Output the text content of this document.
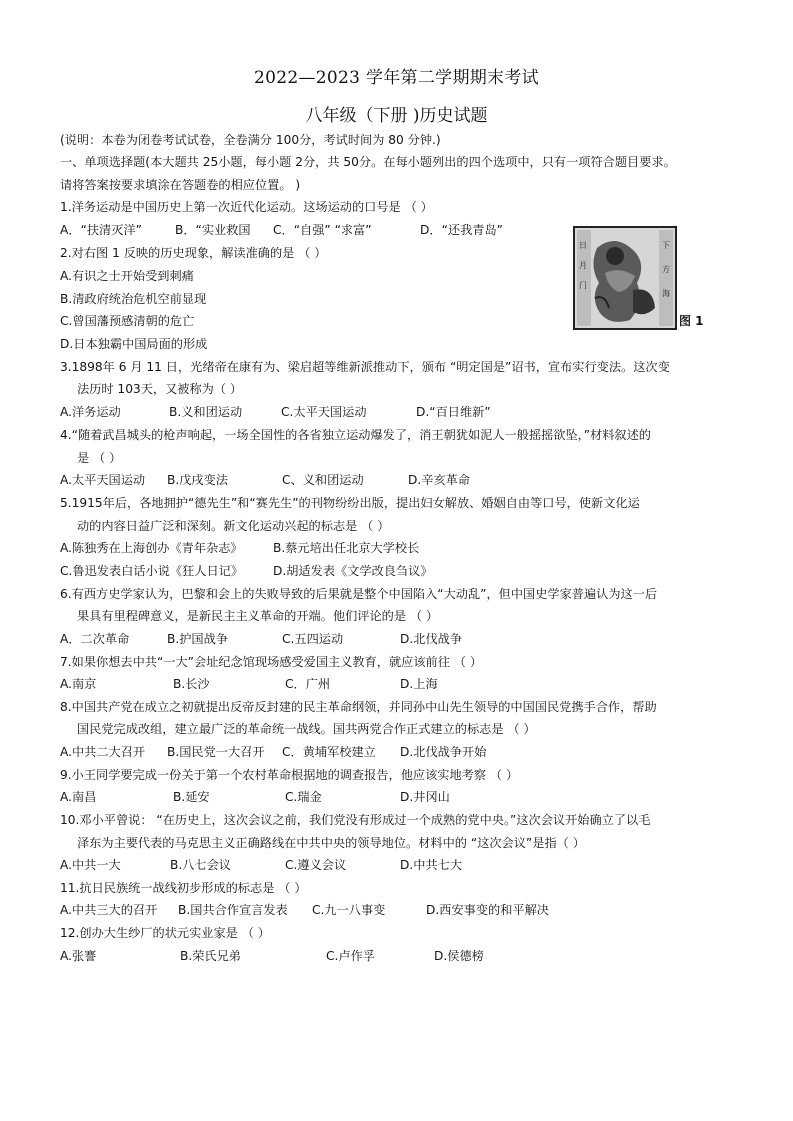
2022—2023 学年第二学期期末考试
八年级（下册 )历史试题
(说明：本卷为闭卷考试试卷，全卷满分 100分，考试时间为 80 分钟.)
一、单项选择题(本大题共 25小题，每小题 2分，共 50分。在每小题列出的四个选项中，只有一项符合题目要求。
请将答案按要求填涂在答题卷的相应位置。 )
1.洋务运动是中国历史上第一次近代化运动。这场运动的口号是 （ ）
A．“扶清灭洋”	B．“实业救国 C．“自强” “求富”	D．“还我青岛”
2.对右图 1 反映的历史现象，解读准确的是 （ ）
A.有识之士开始受到刺痛
B.清政府统治危机空前显现
C.曾国藩预感清朝的危亡
D.日本独霸中国局面的形成
日
月
门
下
方
海
图 1
3.1898年 6 月 11 日，光绪帝在康有为、梁启超等维新派推动下，颁布 “明定国是”诏书，宣布实行变法。这次变
法历时 103天，又被称为（ ）
A.洋务运动	B.义和团运动	C.太平天国运动	D.“百日维新”
4.“随着武昌城头的枪声响起，一场全国性的各省独立运动爆发了，消王朝犹如泥人一般摇摇欲坠，”材料叙述的
是 （ ）
A.太平天国运动 B.戊戌变法	C、义和团运动	D.辛亥革命
5.1915年后，各地拥护“德先生”和“赛先生”的刊物纷纷出版，提出妇女解放、婚姻自由等口号，使新文化运
动的内容日益广泛和深刻。新文化运动兴起的标志是 （ ）
A.陈独秀在上海创办《青年杂志》 B.蔡元培出任北京大学校长
C.鲁迅发表白话小说《狂人日记》 D.胡适发表《文学改良刍议》
6.有西方史学家认为，巴黎和会上的失败导致的后果就是整个中国陷入“大动乱”，但中国史学家普遍认为这一后
果具有里程碑意义，是新民主主义革命的开端。他们评论的是 （ ）
A．二次革命	B.护国战争	C.五四运动	D.北伐战争
7.如果你想去中共“一大”会址纪念馆现场感受爱国主义教育，就应该前往 （ ）
A.南京	B.长沙	C．广州	D.上海
8.中国共产党在成立之初就提出反帝反封建的民主革命纲领，并同孙中山先生领导的中国国民党携手合作，帮助
国民党完成改组，建立最广泛的革命统一战线。国共两党合作正式建立的标志是 （ ）
A.中共二大召开 B.国民党一大召开 C．黄埔军校建立 D.北伐战争开始
9.小王同学要完成一份关于第一个农村革命根据地的调查报告，他应该实地考察 （ ）
A.南昌	B.延安	C.瑞金	D.井冈山
10.邓小平曾说： “在历史上，这次会议之前，我们党没有形成过一个成熟的党中央。”这次会议开始确立了以毛
泽东为主要代表的马克思主义正确路线在中共中央的领导地位。材料中的 “这次会议”是指（ ）
A.中共一大	B.八七会议	C.遵义会议	D.中共七大
11.抗日民族统一战线初步形成的标志是 （ ）
A.中共三大的召开 B.国共合作宣言发表 C.九一八事变	D.西安事变的和平解决
12.创办大生纱厂的状元实业家是 （ ）
A.张謇	B.荣氏兄弟	C.卢作孚	D.侯德榜
